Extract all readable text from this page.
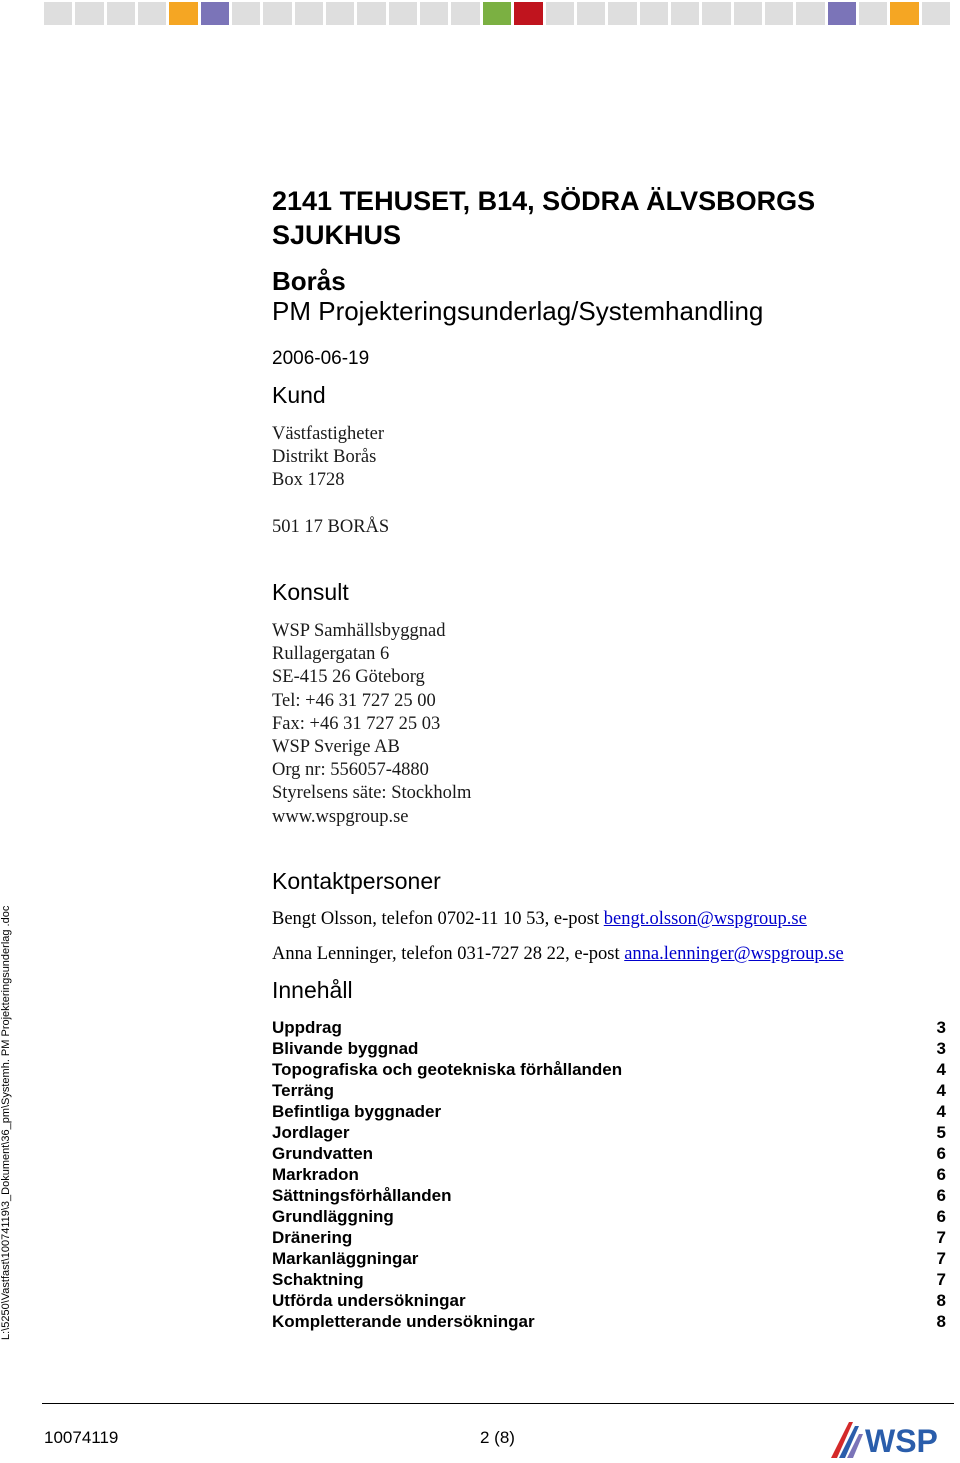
2141 TEHUSET, B14, SÖDRA ÄLVSBORGS
SJUKHUS
Borås
PM Projekteringsunderlag/Systemhandling
2006-06-19
Kund
Västfastigheter
Distrikt Borås
Box 1728
501 17 BORÅS
Konsult
WSP Samhällsbyggnad
Rullagergatan 6
SE-415 26 Göteborg
Tel: +46 31 727 25 00
Fax: +46 31 727 25 03
WSP Sverige AB
Org nr: 556057-4880
Styrelsens säte: Stockholm
www.wspgroup.se
Kontaktpersoner
Bengt Olsson, telefon 0702-11 10 53, e-post bengt.olsson@wspgroup.se
Anna Lenninger, telefon 031-727 28 22, e-post anna.lenninger@wspgroup.se
Innehåll
Uppdrag	3
Blivande byggnad	3
Topografiska och geotekniska förhållanden	4
Terräng	4
Befintliga byggnader	4
Jordlager	5
Grundvatten	6
Markradon	6
Sättningsförhållanden	6
Grundläggning	6
Dränering	7
Markanläggningar	7
Schaktning	7
Utförda undersökningar	8
Kompletterande undersökningar	8
L:\5250\Vastfast\10074119\3_Dokument\36_pm\Systemh. PM Projekteringsunderlag .doc
10074119	2 (8)	WSP
